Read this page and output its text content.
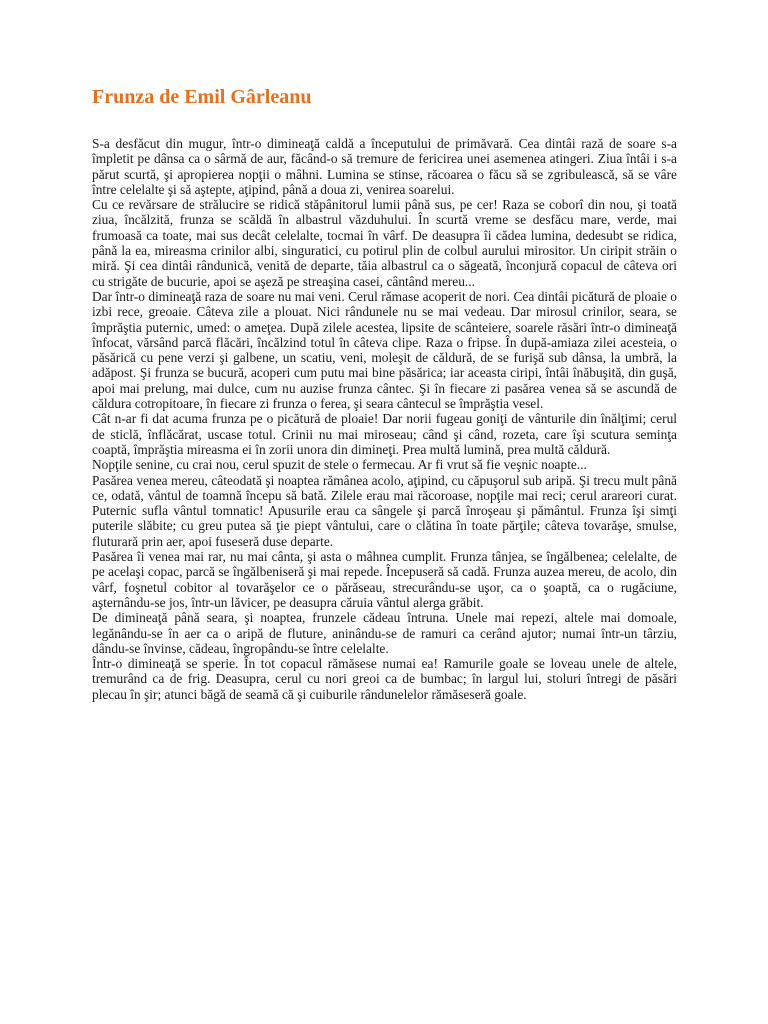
Frunza de Emil Gârleanu

S-a desfăcut din mugur, într-o dimineaţă caldă a începutului de primăvară. Cea dintâi rază de soare s-a împletit pe dânsa ca o sârmă de aur, făcând-o să tremure de fericirea unei asemenea atingeri. Ziua întâi i s-a părut scurtă, şi apropierea nopţii o mâhni. Lumina se stinse, răcoarea o făcu să se zgribulească, să se vâre între celelalte şi să aştepte, aţipind, până a doua zi, venirea soarelui.

Cu ce revărsare de strălucire se ridică stăpânitorul lumii până sus, pe cer! Raza se coborî din nou, şi toată ziua, încălzită, frunza se scăldă în albastrul văzduhului. În scurtă vreme se desfăcu mare, verde, mai frumoasă ca toate, mai sus decât celelalte, tocmai în vârf. De deasupra îi cădea lumina, dedesubt se ridica, până la ea, mireasma crinilor albi, singuratici, cu potirul plin de colbul aurului mirositor. Un ciripit străin o miră. Şi cea dintâi rândunică, venită de departe, tăia albastrul ca o săgeată, înconjură copacul de câteva ori cu strigăte de bucurie, apoi se aşeză pe streaşina casei, cântând mereu...

Dar într-o dimineaţă raza de soare nu mai veni. Cerul rămase acoperit de nori. Cea dintâi picătură de ploaie o izbi rece, greoaie. Câteva zile a plouat. Nici rândunele nu se mai vedeau. Dar mirosul crinilor, seara, se împrăştia puternic, umed: o ameţea. După zilele acestea, lipsite de scânteiere, soarele răsări într-o dimineaţă înfocat, vărsând parcă flăcări, încălzind totul în câteva clipe. Raza o fripse. În după-amiaza zilei acesteia, o păsărică cu pene verzi şi galbene, un scatiu, veni, moleşit de căldură, de se furişă sub dânsa, la umbră, la adăpost. Şi frunza se bucură, acoperi cum putu mai bine păsărica; iar aceasta ciripi, întâi înăbuşită, din guşă, apoi mai prelung, mai dulce, cum nu auzise frunza cântec. Şi în fiecare zi pasărea venea să se ascundă de căldura cotropitoare, în fiecare zi frunza o ferea, şi seara cântecul se împrăştia vesel.

Cât n-ar fi dat acuma frunza pe o picătură de ploaie! Dar norii fugeau goniţi de vânturile din înălţimi; cerul de sticlă, înflăcărat, uscase totul. Crinii nu mai miroseau; când şi când, rozeta, care îşi scutura seminţa coaptă, împrăştia mireasma ei în zorii unora din dimineţi. Prea multă lumină, prea multă căldură.

Nopţile senine, cu crai nou, cerul spuzit de stele o fermecau. Ar fi vrut să fie veşnic noapte...

Pasărea venea mereu, câteodată şi noaptea rămânea acolo, aţipind, cu căpuşorul sub aripă. Şi trecu mult până ce, odată, vântul de toamnă începu să bată. Zilele erau mai răcoroase, nopţile mai reci; cerul arareori curat. Puternic sufla vântul tomnatic! Apusurile erau ca sângele şi parcă înroşeau şi pământul. Frunza îşi simţi puterile slăbite; cu greu putea să ţie piept vântului, care o clătina în toate părţile; câteva tovarăşe, smulse, fluturară prin aer, apoi fuseseră duse departe.

Pasărea îi venea mai rar, nu mai cânta, şi asta o mâhnea cumplit. Frunza tânjea, se îngălbenea; celelalte, de pe acelaşi copac, parcă se îngălbeniseră şi mai repede. Începuseră să cadă. Frunza auzea mereu, de acolo, din vârf, foşnetul cobitor al tovarăşelor ce o părăseau, strecurându-se uşor, ca o şoaptă, ca o rugăciune, aşternându-se jos, într-un lăvicer, pe deasupra căruia vântul alerga grăbit.

De dimineaţă până seara, şi noaptea, frunzele cădeau întruna. Unele mai repezi, altele mai domoale, legănându-se în aer ca o aripă de fluture, aninându-se de ramuri ca cerând ajutor; numai într-un târziu, dându-se învinse, cădeau, îngropându-se între celelalte.

Într-o dimineaţă se sperie. În tot copacul rămăsese numai ea! Ramurile goale se loveau unele de altele, tremurând ca de frig. Deasupra, cerul cu nori greoi ca de bumbac; în largul lui, stoluri întregi de păsări plecau în şir; atunci băgă de seamă că şi cuiburile rândunelelor rămăseseră goale.
